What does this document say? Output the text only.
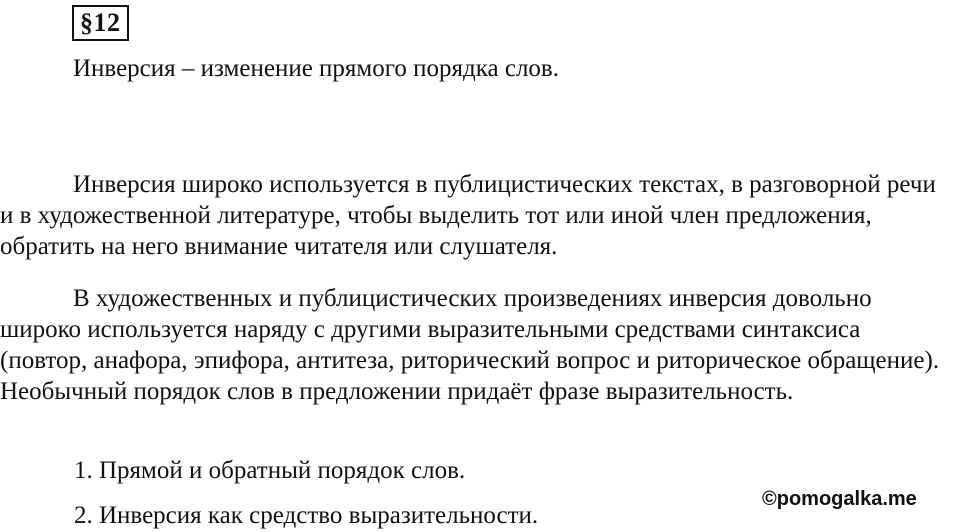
§12
Инверсия – изменение прямого порядка слов.

Инверсия широко используется в публицистических текстах, в разговорной речи и в художественной литературе, чтобы выделить тот или иной член предложения, обратить на него внимание читателя или слушателя.

В художественных и публицистических произведениях инверсия довольно широко используется наряду с другими выразительными средствами синтаксиса (повтор, анафора, эпифора, антитеза, риторический вопрос и риторическое обращение). Необычный порядок слов в предложении придаёт фразе выразительность.

1. Прямой и обратный порядок слов.
2. Инверсия как средство выразительности.
©pomogalka.me
